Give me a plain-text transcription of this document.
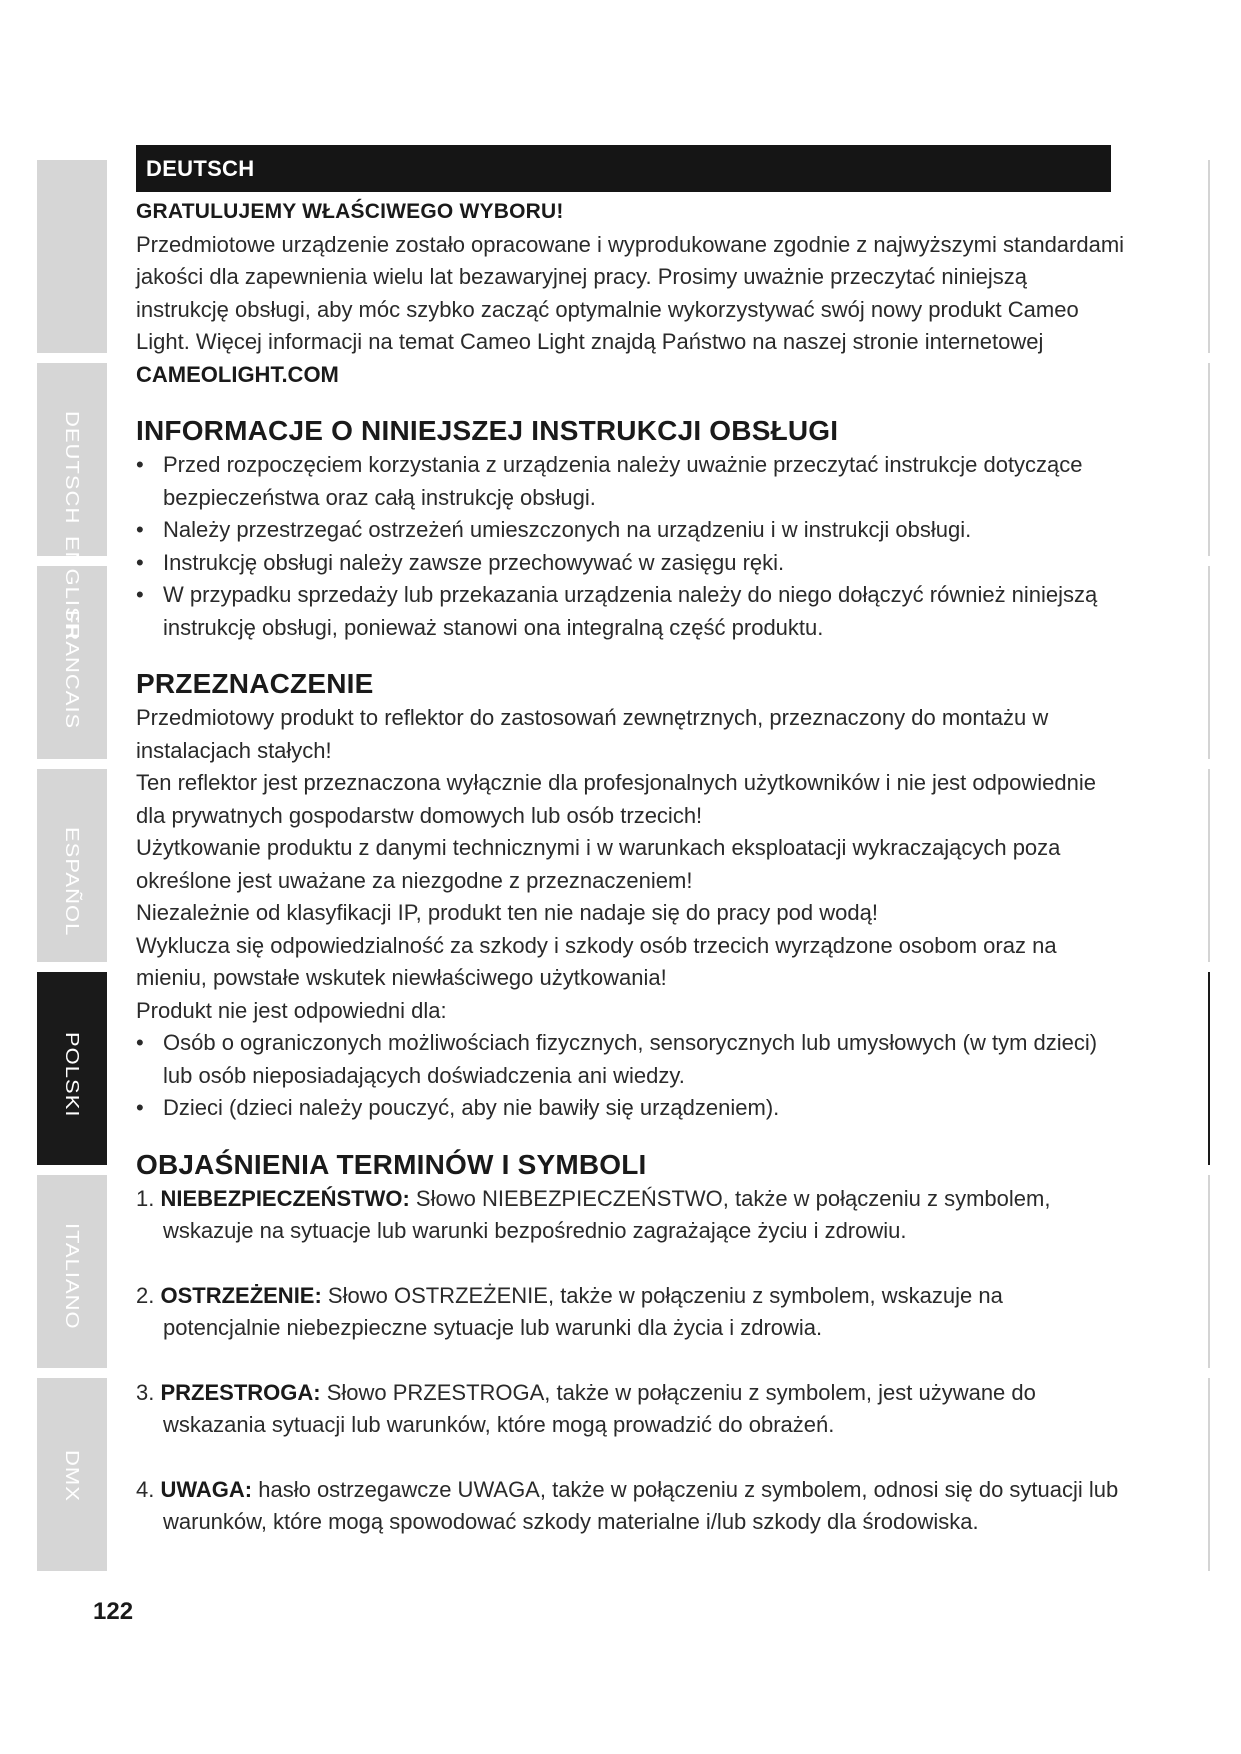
DEUTSCH
ENGLISH
FRANCAIS
ESPAÑOL
POLSKI
ITALIANO
DMX
DEUTSCH

GRATULUJEMY WŁAŚCIWEGO WYBORU!

Przedmiotowe urządzenie zostało opracowane i wyprodukowane zgodnie z najwyższymi standardami jakości dla zapewnienia wielu lat bezawaryjnej pracy. Prosimy uważnie przeczytać niniejszą instrukcję obsługi, aby móc szybko zacząć optymalnie wykorzystywać swój nowy produkt Cameo Light. Więcej informacji na temat Cameo Light znajdą Państwo na naszej stronie internetowej

CAMEOLIGHT.COM

INFORMACJE O NINIEJSZEJ INSTRUKCJI OBSŁUGI
• Przed rozpoczęciem korzystania z urządzenia należy uważnie przeczytać instrukcje dotyczące bezpieczeństwa oraz całą instrukcję obsługi.
• Należy przestrzegać ostrzeżeń umieszczonych na urządzeniu i w instrukcji obsługi.
• Instrukcję obsługi należy zawsze przechowywać w zasięgu ręki.
• W przypadku sprzedaży lub przekazania urządzenia należy do niego dołączyć również niniejszą instrukcję obsługi, ponieważ stanowi ona integralną część produktu.
PRZEZNACZENIE

Przedmiotowy produkt to reflektor do zastosowań zewnętrznych, przeznaczony do montażu w instalacjach stałych!

Ten reflektor jest przeznaczona wyłącznie dla profesjonalnych użytkowników i nie jest odpowiednie dla prywatnych gospodarstw domowych lub osób trzecich!

Użytkowanie produktu z danymi technicznymi i w warunkach eksploatacji wykraczających poza określone jest uważane za niezgodne z przeznaczeniem!

Niezależnie od klasyfikacji IP, produkt ten nie nadaje się do pracy pod wodą!

Wyklucza się odpowiedzialność za szkody i szkody osób trzecich wyrządzone osobom oraz na mieniu, powstałe wskutek niewłaściwego użytkowania!

Produkt nie jest odpowiedni dla:

• Osób o ograniczonych możliwościach fizycznych, sensorycznych lub umysłowych (w tym dzieci) lub osób nieposiadających doświadczenia ani wiedzy.
• Dzieci (dzieci należy pouczyć, aby nie bawiły się urządzeniem).
OBJAŚNIENIA TERMINÓW I SYMBOLI
1. NIEBEZPIECZEŃSTWO: Słowo NIEBEZPIECZEŃSTWO, także w połączeniu z symbolem, wskazuje na sytuacje lub warunki bezpośrednio zagrażające życiu i zdrowiu.
2. OSTRZEŻENIE: Słowo OSTRZEŻENIE, także w połączeniu z symbolem, wskazuje na potencjalnie niebezpieczne sytuacje lub warunki dla życia i zdrowia.
3. PRZESTROGA: Słowo PRZESTROGA, także w połączeniu z symbolem, jest używane do wskazania sytuacji lub warunków, które mogą prowadzić do obrażeń.
4. UWAGA: hasło ostrzegawcze UWAGA, także w połączeniu z symbolem, odnosi się do sytuacji lub warunków, które mogą spowodować szkody materialne i/lub szkody dla środowiska.
122
